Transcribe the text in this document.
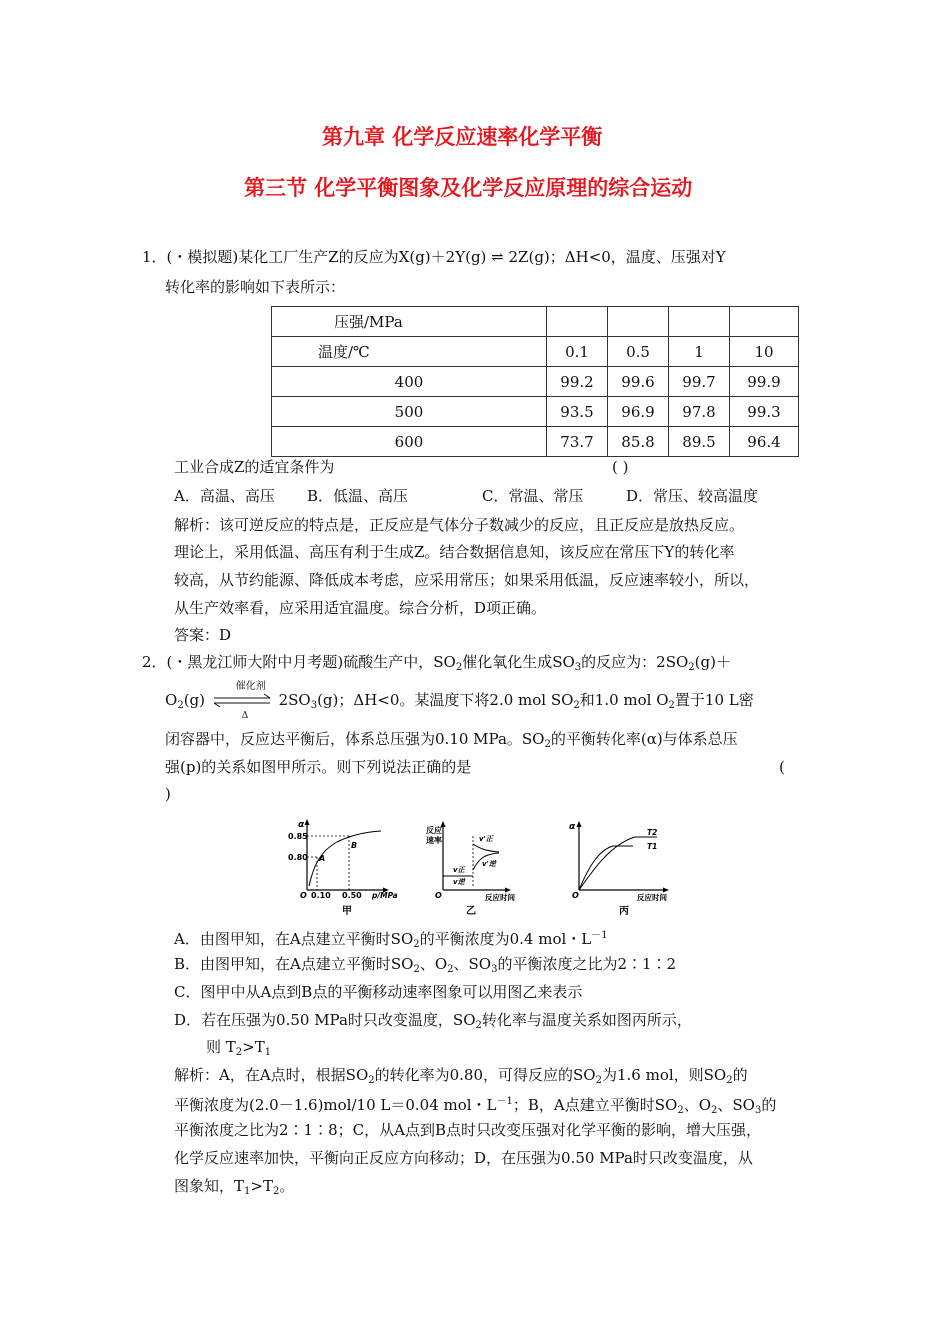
第九章 化学反应速率化学平衡
第三节 化学平衡图象及化学反应原理的综合运动
1．(・模拟题)某化工厂生产Z的反应为X(g)＋2Y(g) ⇌ 2Z(g)；ΔH<0，温度、压强对Y
转化率的影响如下表所示：
压强/MPa				
温度/℃	0.1	0.5	1	10
400	99.2	99.6	99.7	99.9
500	93.5	96.9	97.8	99.3
600	73.7	85.8	89.5	96.4
工业合成Z的适宜条件为	( )
A．高温、高压 B．低温、高压	C．常温、常压	D．常压、较高温度
解析：该可逆反应的特点是，正反应是气体分子数减少的反应，且正反应是放热反应。
理论上，采用低温、高压有利于生成Z。结合数据信息知，该反应在常压下Y的转化率
较高，从节约能源、降低成本考虑，应采用常压；如果采用低温，反应速率较小，所以，
从生产效率看，应采用适宜温度。综合分析，D项正确。
答案：D
2．(・黑龙江师大附中月考题)硫酸生产中，$SO_2$催化氧化生成$SO_3$的反应为：$2SO_2(g)+$
$O_2(g)$
催化剂
Δ
$2SO_3(g)$；ΔH<0。某温度下将2.0 mol $SO_2$和1.0 mol $O_2$置于10 L密
闭容器中，反应达平衡后，体系总压强为0.10 MPa。$SO_2$的平衡转化率(α)与体系总压
强(p)的关系如图甲所示。则下列说法正确的是	(
)
α
0.85
0.80 A
B
O 0.10 0.50 p/MPa
甲
反应
速率	v'正
v'逆
v正
v逆
O	反应时间
乙
α
T2
T1
O	反应时间
丙
A．由图甲知，在A点建立平衡时$SO_2$的平衡浓度为0.4 mol・$L^{-1}$
B．由图甲知，在A点建立平衡时$SO_2$、$O_2$、$SO_3$的平衡浓度之比为2∶1∶2
C．图甲中从A点到B点的平衡移动速率图象可以用图乙来表示
D．若在压强为0.50 MPa时只改变温度，$SO_2$转化率与温度关系如图丙所示，
则 $T_2>T_1$
解析：A，在A点时，根据$SO_2$的转化率为0.80，可得反应的$SO_2$为1.6 mol，则$SO_2$的
平衡浓度为(2.0－1.6)mol/10 L＝0.04 mol・$L^{-1}$；B，A点建立平衡时$SO_2$、$O_2$、$SO_3$的
平衡浓度之比为2∶1∶8；C，从A点到B点时只改变压强对化学平衡的影响，增大压强，
化学反应速率加快，平衡向正反应方向移动；D，在压强为0.50 MPa时只改变温度，从
图象知，$T_1>T_2$。
